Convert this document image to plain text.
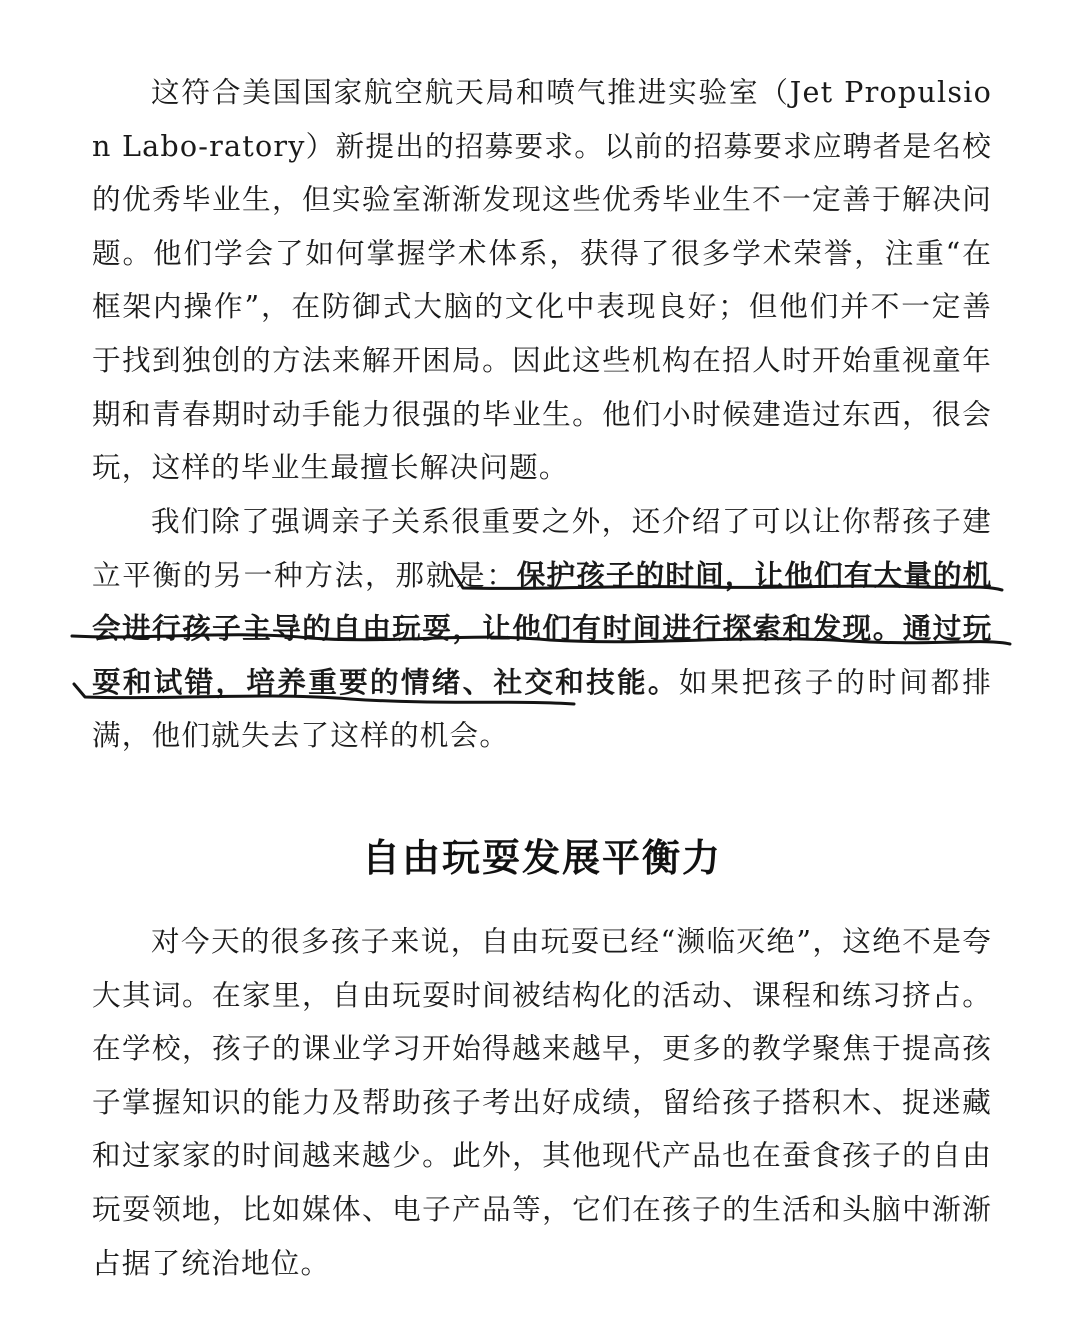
这符合美国国家航空航天局和喷气推进实验室（Jet Propulsion Labo-ratory）新提出的招募要求。以前的招募要求应聘者是名校的优秀毕业生，但实验室渐渐发现这些优秀毕业生不一定善于解决问题。他们学会了如何掌握学术体系，获得了很多学术荣誉，注重“在框架内操作”，在防御式大脑的文化中表现良好；但他们并不一定善于找到独创的方法来解开困局。因此这些机构在招人时开始重视童年期和青春期时动手能力很强的毕业生。他们小时候建造过东西，很会玩，这样的毕业生最擅长解决问题。

我们除了强调亲子关系很重要之外，还介绍了可以让你帮孩子建立平衡的另一种方法，那就是：保护孩子的时间，让他们有大量的机会进行孩子主导的自由玩耍，让他们有时间进行探索和发现。通过玩耍和试错，培养重要的情绪、社交和技能。如果把孩子的时间都排满，他们就失去了这样的机会。

自由玩耍发展平衡力

对今天的很多孩子来说，自由玩耍已经“濒临灭绝”，这绝不是夸大其词。在家里，自由玩耍时间被结构化的活动、课程和练习挤占。在学校，孩子的课业学习开始得越来越早，更多的教学聚焦于提高孩子掌握知识的能力及帮助孩子考出好成绩，留给孩子搭积木、捉迷藏和过家家的时间越来越少。此外，其他现代产品也在蚕食孩子的自由玩耍领地，比如媒体、电子产品等，它们在孩子的生活和头脑中渐渐占据了统治地位。
